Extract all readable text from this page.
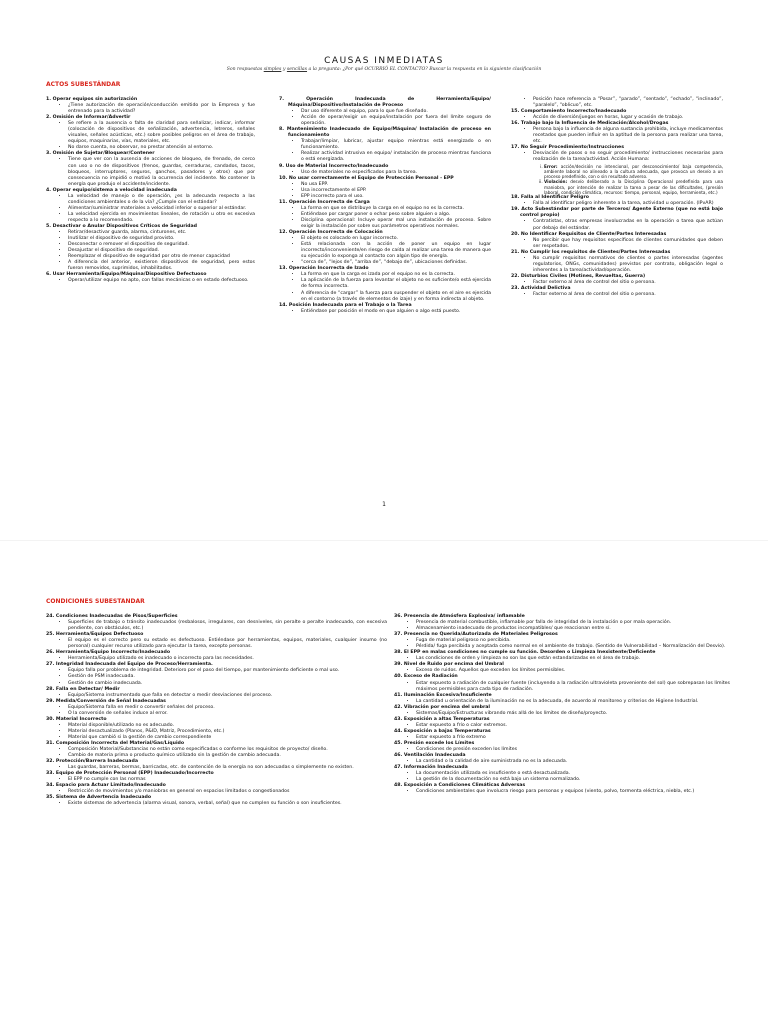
CAUSAS INMEDIATAS
Son respuestas simples y sencillas a la pregunta: ¿Por qué OCURRIÓ EL CONTACTO? Buscar la respuesta en la siguiente clasificación
ACTOS SUBESTÁNDAR

1. Operar equipos sin autorización

• ¿Tiene autorización de operación/conducción emitido por la Empresa y fue entrenado para la actividad?

2. Omisión de Informar/Advertir

• Se refiere a la ausencia o falta de claridad para señalizar, indicar, informar (colocación de dispositivos de señalización, advertencia, letreros, señales visuales, señales acústicas, etc.) sobre posibles peligros en el área de trabajo, equipos, maquinarias, vías, materiales, etc.
• No darse cuenta, no observar, no prestar atención al entorno.

3. Omisión de Sujetar/Bloquear/Contener

• Tiene que ver con la ausencia de acciones de bloqueo, de frenado, de cerco con uso o no de dispositivos (frenos, guardas, cerraduras, candados, tacos, bloqueos, interruptores, seguros, ganchos, pasadores y otros) que por consecuencia no impidió o motivó la ocurrencia del incidente. No contener la energía que produjo el accidente/incidente.

4. Operar equipo/sistema a velocidad inadecuada

• La velocidad de manejo o de operación, ¿es la adecuada respecto a las condiciones ambientales o de la vía? ¿Cumple con el estándar?
• Alimentar/suministrar materiales a velocidad inferior o superior al estándar.
• La velocidad ejercida en movimientos lineales, de rotación u otro es excesiva respecto a lo recomendado.

5. Desactivar o Anular Dispositivos Críticos de Seguridad

• Retirar/desactivar guarda, alarma, cinturones, etc.
• Inutilizar el dispositivo de seguridad provisto.
• Desconectar o remover el dispositivo de seguridad.
• Desajustar el dispositivo de seguridad.
• Reemplazar el dispositivo de seguridad por otro de menor capacidad
• A diferencia del anterior, existieron dispositivos de seguridad, pero estos fueron removidos, suprimidos, inhabilitados.

6. Usar Herramienta/Equipo/Máquina/Dispositivo Defectuoso

• Operar/utilizar equipo no apto, con fallas mecánicas o en estado defectuoso.

7. Operación Inadecuada de Herramienta/Equipo/ Máquina/Dispositivo/Instalación de Proceso

• Dar uso diferente al equipo, para lo que fue diseñado.
• Acción de operar/exigir un equipo/instalación por fuera del límite seguro de operación.

8. Mantenimiento Inadecuado de Equipo/Máquina/ Instalación de proceso en funcionamiento

• Trabajar/limpiar, lubricar, ajustar equipo mientras está energizado o en funcionamiento.
• Realizar actividad intrusiva en equipo/ instalación de proceso mientras funciona o está energizada.

9. Uso de Material Incorrecto/Inadecuado

• Uso de materiales no especificados para la tarea.

10. No usar correctamente el Equipo de Protección Personal - EPP

• No usa EPP.
• Usa incorrectamente el EPP.
• EPP incorrecto para el uso.

11. Operación Incorrecta de Carga

• La forma en que se distribuye la carga en el equipo no es la correcta.
• Entiéndase por cargar poner o echar peso sobre alguien o algo.
• Disciplina operacional: Incluye operar mal una instalación de proceso. Sobre exigir la instalación por sobre sus parámetros operativos normales.

12. Operación Incorrecta de Colocación

• El objeto es colocado en lugar incorrecto.
• Está relacionada con la acción de poner un equipo en lugar incorrecto/inconveniente/en riesgo de caída al realizar una tarea de manera que su ejecución lo exponga al contacto con algún tipo de energía.
• “cerca de”, “lejos de”, “arriba de”, “debajo de”, ubicaciones definidas.

13. Operación Incorrecta de Izado

• La forma en que la carga es izada por el equipo no es la correcta.
• La aplicación de la fuerza para levantar el objeto no es suficiente/o está ejercida de forma incorrecta.
• A diferencia de “cargar” la fuerza para suspender el objeto en el aire es ejercida en el contorno (a través de elementos de izaje) y en forma indirecta al objeto.

14. Posición Inadecuada para el Trabajo o la Tarea

• Entiéndase por posición el modo en que alguien o algo está puesto.
• Posición hace referencia a “Posar”, “parado”, “sentado”, “echado”, “inclinado”, “paralelo”, “oblicuo”, etc.

15. Comportamiento Incorrecto/Inadecuado

• Acción de diversión/juegos en horas, lugar y ocasión de trabajo.

16. Trabajo bajo la Influencia de Medicación/Alcohol/Drogas

• Persona bajo la influencia de alguna sustancia prohibida, incluye medicamentos recetados que pueden influir en la aptitud de la persona para realizar una tarea, etc.

17. No Seguir Procedimiento/Instrucciones

• Desviación de pasos o no seguir procedimiento/ instrucciones necesarias para realización de la tarea/actividad. Acción Humana:
i. Error: acción/decisión no intencional, por desconocimiento/ baja competencia, ambiente laboral no alineado a la cultura adecuada, que provoca un desvío a un proceso predefinido, con o sin resultado adverso.
ii. Violación: desvío deliberado a la Disciplina Operacional predefinida para una maniobra, por intención de realizar la tarea a pesar de las dificultades, (presión laboral, condición climática, recursos: tiempo, personal, equipo, herramienta, etc.)

18. Falla al Identificar Peligro

• Falla al identificar peligro inherente a la tarea, actividad u operación. (IPvAR)

19. Acto Subestándar por parte de Terceros/ Agente Externo (que no está bajo control propio)

• Contratistas, otras empresas involucradas en la operación o tarea que actúan por debajo del estándar.

20. No Identificar Requisitos de Cliente/Partes Interesadas

• No percibir que hay requisitos específicos de clientes comunidades que deben ser respetados.

21. No Cumplir los requisitos de Clientes/Partes Interesadas

• No cumplir requisitos normativos de clientes o partes interesadas (agentes regulatorios, ONGs, comunidades) previstos por contrato, obligación legal o inherentes a la tarea/actividad/operación.

22. Disturbios Civiles (Motines, Revueltas, Guerra)

• Factor externo al área de control del sitio o persona.

23. Actividad Delictiva

• Factor externo al área de control del sitio o persona.
1
CONDICIONES SUBESTANDAR

24. Condiciones Inadecuadas de Pisos/Superficies

• Superficies de trabajo o tránsito inadecuados (resbalosos, irregulares, con desniveles, sin peralte o peralte inadecuado, con excesiva pendiente, con obstáculos, etc.)

25. Herramienta/Equipos Defectuoso

• El equipo es el correcto pero su estado es defectuoso. Entiéndase por herramientas, equipos, materiales, cualquier insumo (no personal) cualquier recurso utilizado para ejecutar la tarea, excepto personas.

26. Herramienta/Equipo Incorrecto/Inadecuado

• Herramienta/Equipo utilizado es inadecuado o incorrecto para las necesidades.

27. Integridad Inadecuada del Equipo de Proceso/Herramienta.

• Equipo falla por problema de integridad. Deterioro por el paso del tiempo, por mantenimiento deficiente o mal uso.
• Gestión de PSM inadecuada.
• Gestión de cambio inadecuada.

28. Falla en Detectar/ Medir

• Equipo/Sistema instrumentado que falla en detectar o medir desviaciones del proceso.

29. Medida/Conversión de Señal Inadecuadas

• Equipo/Sistema falla en medir o convertir señales del proceso.
• O la conversión de señales induce al error.

30. Material Incorrecto

• Material disponible/utilizado no es adecuado.
• Material desactualizado (Planos, P&ID, Matriz, Procedimiento, etc.)
• Material que cambió si la gestión de cambio correspondiente

31. Composición Incorrecta del Material/Gas/Líquido

• Composición Material/Substancias no están como especificadas o conforme los requisitos de proyecto/ diseño.
• Cambio de materia prima o producto químico utilizado sin la gestión de cambio adecuada.

32. Protección/Barrera Inadecuada

• Las guardas, barreras, bermas, barricadas, etc. de contención de la energía no son adecuadas o simplemente no existen.

33. Equipo de Protección Personal (EPP) Inadecuado/Incorrecto

• El EPP no cumple con las normas

34. Espacio para Actuar Limitado/Inadecuado

• Restricción de movimientos y/o maniobras en general en espacios limitados o congestionados

35. Sistema de Advertencia Inadecuado

• Existe sistemas de advertencia (alarma visual, sonora, verbal, señal) que no cumplen su función o son insuficientes.

36. Presencia de Atmósfera Explosiva/ inflamable

• Presencia de material combustible, inflamable por falla de integridad de la instalación o por mala operación.
• Almacenamiento inadecuado de productos incompatibles/ que reaccionan entre sí.

37. Presencia no Querida/Autorizada de Materiales Peligrosos

• Fuga de material peligroso no percibida.
• Pérdida/ fuga percibida y aceptada como normal en el ambiente de trabajo. (Sentido de Vulnerabilidad – Normalización del Desvío).

38. El EPP en malas condiciones no cumple su función. Desorden o Limpieza Inexistente/Deficiente

• Las condiciones de orden y limpieza no son las que están estandarizadas en el área de trabajo.

39. Nivel de Ruido por encima del Umbral

• Exceso de ruidos. Aquellos que exceden los límites permisibles.

40. Exceso de Radiación

• Estar expuesto a radiación de cualquier fuente (incluyendo a la radiación ultravioleta proveniente del sol) que sobrepasan los límites máximos permisibles para cada tipo de radiación.

41. Iluminación Excesiva/Insuficiente

• La cantidad u orientación de la iluminación no es la adecuada, de acuerdo al monitoreo y criterios de Higiene Industrial.

42. Vibración por encima del umbral

• Sistemas/Equipo/Estructuras vibrando más allá de los límites de diseño/proyecto.

43. Exposición a altas Temperaturas

• Estar expuesto a frío o calor extremos.

44. Exposición a bajas Temperaturas

• Estar expuesto a frío extremo

45. Presión excede los Límites

• Condiciones de presión exceden los límites

46. Ventilación Inadecuada

• La cantidad o la calidad de aire suministrada no es la adecuada.

47. Información Inadecuada

• La documentación utilizada es insuficiente o está desactualizada.
• La gestión de la documentación no está bajo un sistema normalizado.

48. Exposición a Condiciones Climáticas Adversas

• Condiciones ambientales que involucra riesgo para personas y equipos (viento, polvo, tormenta eléctrica, niebla, etc.)
